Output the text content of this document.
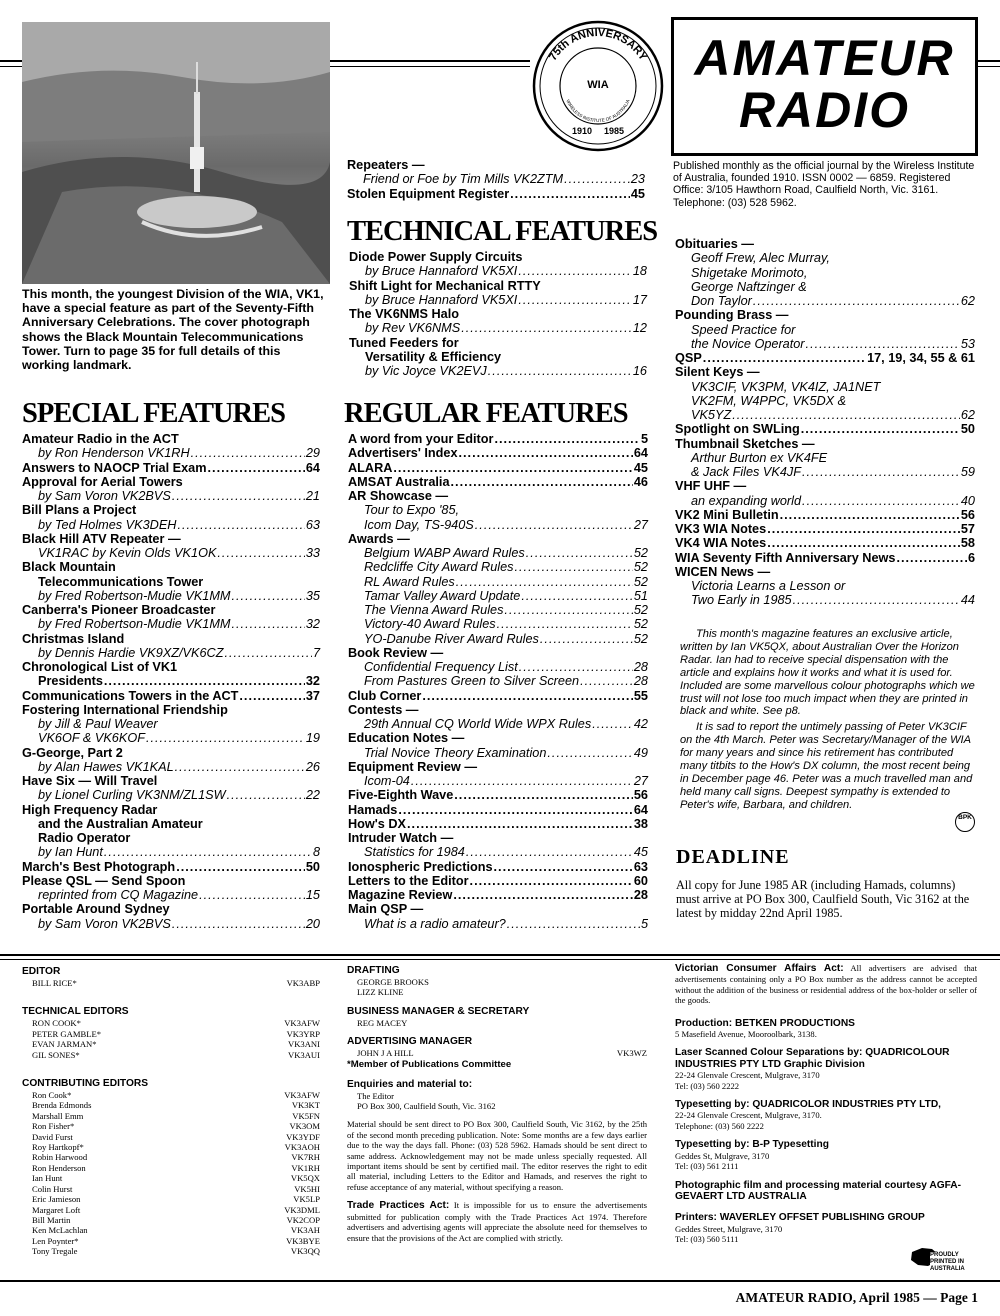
This month, the youngest Division of the WIA, VK1, have a special feature as part of the Seventy-Fifth Anniversary Celebrations. The cover photograph shows the Black Mountain Telecommunications Tower. Turn to page 35 for full details of this working landmark.
75th ANNIVERSARY
WIRELESS INSTITUTE OF AUSTRALIA
WIA
1910 1985
AMATEUR
RADIO
Published monthly as the official journal by the Wireless Institute of Australia, founded 1910. ISSN 0002 — 6859. Registered Office: 3/105 Hawthorn Road, Caulfield North, Vic. 3161. Telephone: (03) 528 5962.
SPECIAL FEATURES
Amateur Radio in the ACT
by Ron Henderson VK1RH .....	29
Answers to NAOCP Trial Exam .....	64
Approval for Aerial Towers
by Sam Voron VK2BVS .....	21
Bill Plans a Project
by Ted Holmes VK3DEH .....	63
Black Hill ATV Repeater —
VK1RAC by Kevin Olds VK1OK .....	33
Black Mountain
Telecommunications Tower
by Fred Robertson-Mudie VK1MM .....	35
Canberra's Pioneer Broadcaster
by Fred Robertson-Mudie VK1MM .....	32
Christmas Island
by Dennis Hardie VK9XZ/VK6CZ .....	7
Chronological List of VK1
Presidents .....	32
Communications Towers in the ACT .....	37
Fostering International Friendship
by Jill & Paul Weaver
VK6OF & VK6KOF .....	19
G-George, Part 2
by Alan Hawes VK1KAL .....	26
Have Six — Will Travel
by Lionel Curling VK3NM/ZL1SW .....	22
High Frequency Radar
and the Australian Amateur
Radio Operator
by Ian Hunt .....	8
March's Best Photograph .....	50
Please QSL — Send Spoon
reprinted from CQ Magazine .....	15
Portable Around Sydney
by Sam Voron VK2BVS .....	20
Repeaters —
Friend or Foe by Tim Mills VK2ZTM .....	23
Stolen Equipment Register .....	45
TECHNICAL FEATURES
Diode Power Supply Circuits
by Bruce Hannaford VK5XI .....	18
Shift Light for Mechanical RTTY
by Bruce Hannaford VK5XI .....	17
The VK6NMS Halo
by Rev VK6NMS .....	12
Tuned Feeders for
Versatility & Efficiency
by Vic Joyce VK2EVJ .....	16
REGULAR FEATURES
A word from your Editor .....	5
Advertisers' Index .....	64
ALARA .....	45
AMSAT Australia .....	46
AR Showcase —
Tour to Expo '85,
Icom Day, TS-940S .....	27
Awards —
Belgium WABP Award Rules .....	52
Redcliffe City Award Rules .....	52
RL Award Rules .....	52
Tamar Valley Award Update .....	51
The Vienna Award Rules .....	52
Victory-40 Award Rules .....	52
YO-Danube River Award Rules .....	52
Book Review —
Confidential Frequency List .....	28
From Pastures Green to Silver Screen .....	28
Club Corner .....	55
Contests —
29th Annual CQ World Wide WPX Rules .....	42
Education Notes —
Trial Novice Theory Examination .....	49
Equipment Review —
Icom-04 .....	27
Five-Eighth Wave .....	56
Hamads .....	64
How's DX .....	38
Intruder Watch —
Statistics for 1984 .....	45
Ionospheric Predictions .....	63
Letters to the Editor .....	60
Magazine Review .....	28
Main QSP —
What is a radio amateur? .....	5
Obituaries —
Geoff Frew, Alec Murray,
Shigetake Morimoto,
George Naftzinger &
Don Taylor .....	62
Pounding Brass —
Speed Practice for
the Novice Operator .....	53
QSP .....	17, 19, 34, 55 & 61
Silent Keys —
VK3CIF, VK3PM, VK4IZ, JA1NET
VK2FM, W4PPC, VK5DX &
VK5YZ .....	62
Spotlight on SWLing .....	50
Thumbnail Sketches —
Arthur Burton ex VK4FE
& Jack Files VK4JF .....	59
VHF UHF —
an expanding world .....	40
VK2 Mini Bulletin .....	56
VK3 WIA Notes .....	57
VK4 WIA Notes .....	58
WIA Seventy Fifth Anniversary News .....	6
WICEN News —
Victoria Learns a Lesson or
Two Early in 1985 .....	44

This month's magazine features an exclusive article, written by Ian VK5QX, about Australian Over the Horizon Radar. Ian had to receive special dispensation with the article and explains how it works and what it is used for. Included are some marvellous colour photographs which we trust will not lose too much impact when they are printed in black and white. See p8.

It is sad to report the untimely passing of Peter VK3CIF on the 4th March. Peter was Secretary/Manager of the WIA for many years and since his retirement has contributed many titbits to the How's DX column, the most recent being in December page 46. Peter was a much travelled man and held many call signs. Deepest sympathy is extended to Peter's wife, Barbara, and children.

BPK
DEADLINE
All copy for June 1985 AR (including Hamads, columns) must arrive at PO Box 300, Caulfield South, Vic 3162 at the latest by midday 22nd April 1985.
EDITOR
BILL RICE*	VK3ABP
TECHNICAL EDITORS
RON COOK*	VK3AFW
PETER GAMBLE*	VK3YRP
EVAN JARMAN*	VK3ANI
GIL SONES*	VK3AUI
CONTRIBUTING EDITORS
Ron Cook*	VK3AFW
Brenda Edmonds	VK3KT
Marshall Emm	VK5FN
Ron Fisher*	VK3OM
David Furst	VK3YDF
Roy Hartkopf*	VK3AOH
Robin Harwood	VK7RH
Ron Henderson	VK1RH
Ian Hunt	VK5QX
Colin Hurst	VK5HI
Eric Jamieson	VK5LP
Margaret Loft	VK3DML
Bill Martin	VK2COP
Ken McLachlan	VK3AH
Len Poynter*	VK3BYE
Tony Tregale	VK3QQ
DRAFTING
GEORGE BROOKS
LIZZ KLINE
BUSINESS MANAGER & SECRETARY
REG MACEY
ADVERTISING MANAGER
JOHN J A HILL	VK3WZ
*Member of Publications Committee
Enquiries and material to:
The Editor
PO Box 300, Caulfield South, Vic. 3162
Material should be sent direct to PO Box 300, Caulfield South, Vic 3162, by the 25th of the second month preceding publication. Note: Some months are a few days earlier due to the way the days fall. Phone: (03) 528 5962. Hamads should be sent direct to same address. Acknowledgement may not be made unless specially requested. All important items should be sent by certified mail. The editor reserves the right to edit all material, including Letters to the Editor and Hamads, and reserves the right to refuse acceptance of any material, without specifying a reason.
Trade Practices Act: It is impossible for us to ensure the advertisements submitted for publication comply with the Trade Practices Act 1974. Therefore advertisers and advertising agents will appreciate the absolute need for themselves to ensure that the provisions of the Act are complied with strictly.
Victorian Consumer Affairs Act: All advertisers are advised that advertisements containing only a PO Box number as the address cannot be accepted without the addition of the business or residential address of the box-holder or seller of the goods.
Production: BETKEN PRODUCTIONS
5 Masefield Avenue, Mooroolbark, 3138.
Laser Scanned Colour Separations by: QUADRICOLOUR INDUSTRIES PTY LTD Graphic Division
22-24 Glenvale Crescent, Mulgrave, 3170
Tel: (03) 560 2222
Typesetting by: QUADRICOLOR INDUSTRIES PTY LTD,
22-24 Glenvale Crescent, Mulgrave, 3170.
Telephone: (03) 560 2222
Typesetting by: B-P Typesetting
Geddes St, Mulgrave, 3170
Tel: (03) 561 2111
Photographic film and processing material courtesy AGFA-GEVAERT LTD AUSTRALIA
Printers: WAVERLEY OFFSET PUBLISHING GROUP
Geddes Street, Mulgrave, 3170
Tel: (03) 560 5111
PROUDLY PRINTED IN AUSTRALIA
AMATEUR RADIO, April 1985 — Page 1
